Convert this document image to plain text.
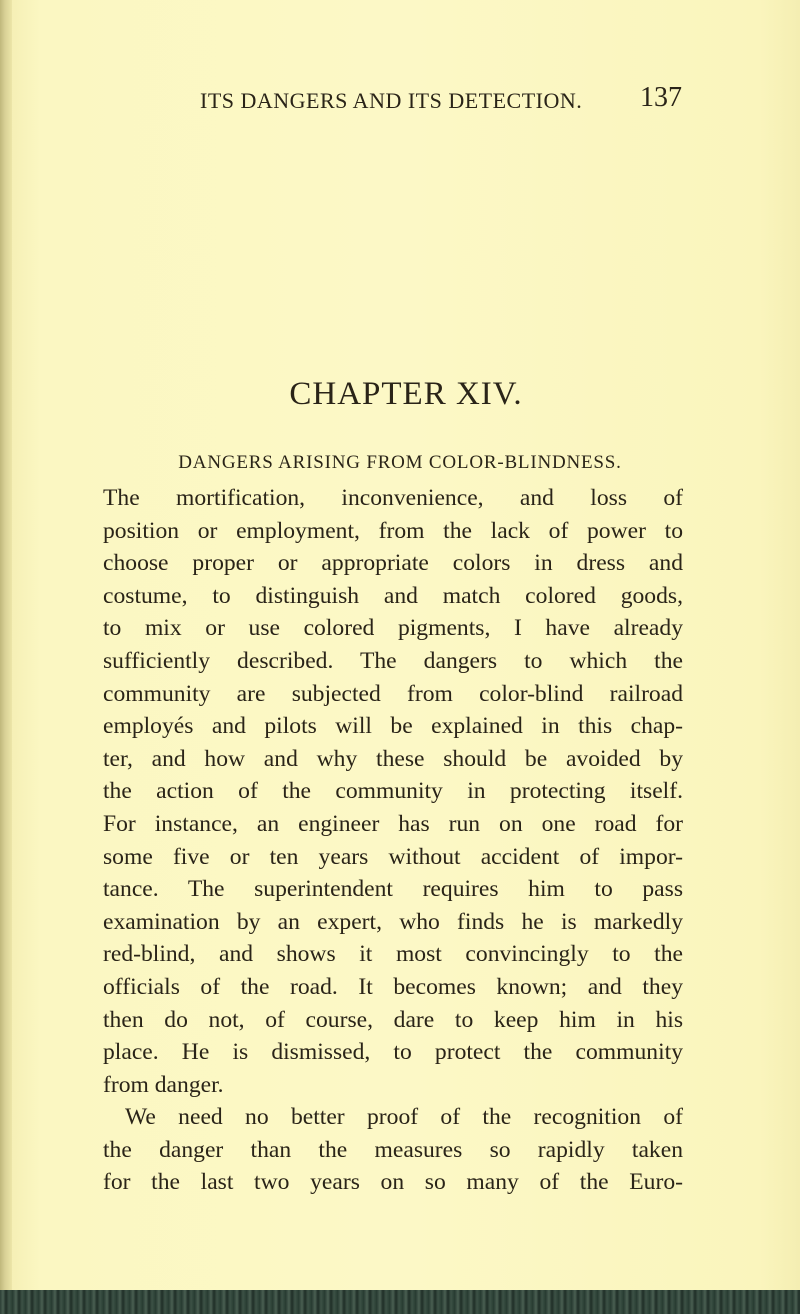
ITS DANGERS AND ITS DETECTION. 137
CHAPTER XIV.
DANGERS ARISING FROM COLOR-BLINDNESS.
The mortification, inconvenience, and loss of
position or employment, from the lack of power to
choose proper or appropriate colors in dress and
costume, to distinguish and match colored goods,
to mix or use colored pigments, I have already
sufficiently described. The dangers to which the
community are subjected from color-blind railroad
employés and pilots will be explained in this chap-
ter, and how and why these should be avoided by
the action of the community in protecting itself.
For instance, an engineer has run on one road for
some five or ten years without accident of impor-
tance. The superintendent requires him to pass
examination by an expert, who finds he is markedly
red-blind, and shows it most convincingly to the
officials of the road. It becomes known; and they
then do not, of course, dare to keep him in his
place. He is dismissed, to protect the community
from danger.
We need no better proof of the recognition of
the danger than the measures so rapidly taken
for the last two years on so many of the Euro-
